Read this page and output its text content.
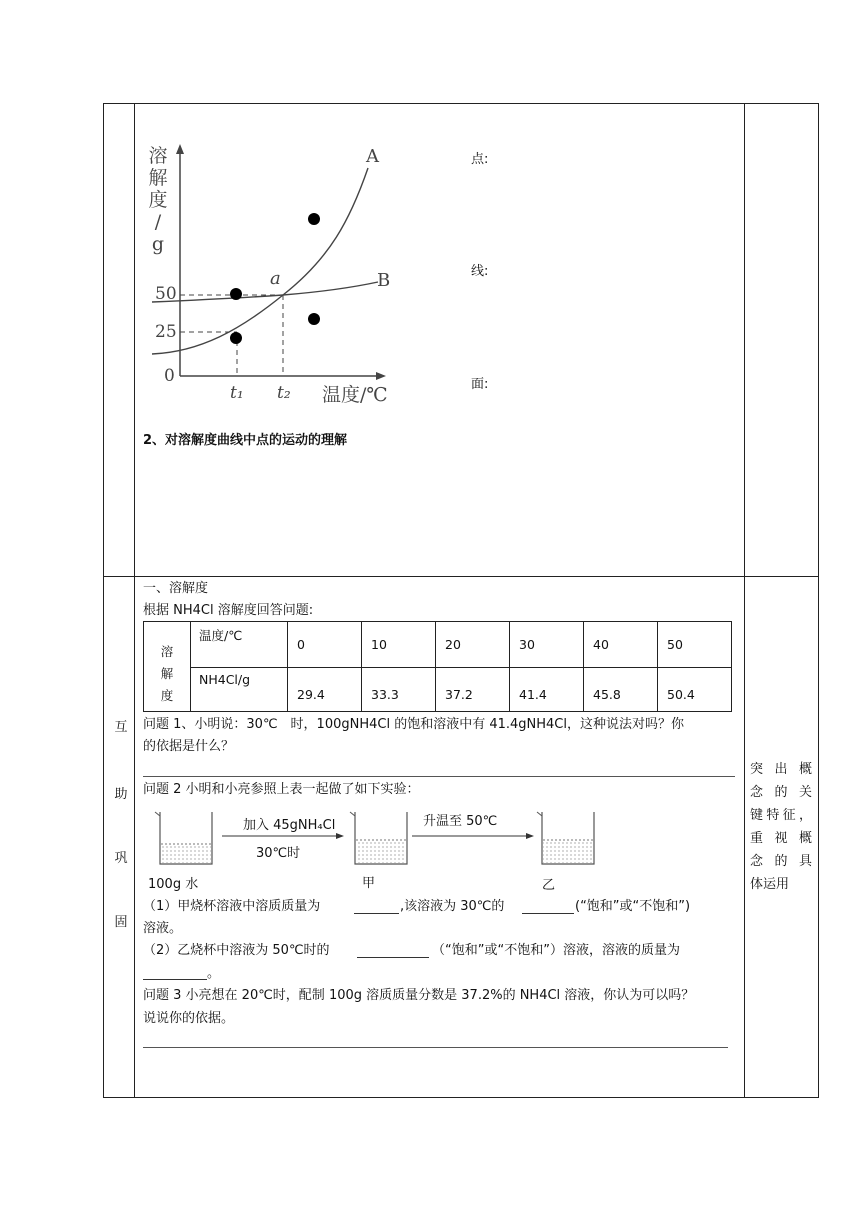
溶
解
度
/
g
50
25
0
t₁ t₂ 温度/℃
A
B
a
点:
线:
面:
2、对溶解度曲线中点的运动的理解
互
助
巩
固
一、溶解度
根据 NH4Cl 溶解度回答问题:
溶
解
度	温度/℃	0	10	20	30	40	50
	NH4Cl/g	29.4	33.3	37.2	41.4	45.8	50.4
问题 1、小明说：30℃　时，100gNH4Cl 的饱和溶液中有 41.4gNH4Cl，这种说法对吗？你
的依据是什么？
问题 2 小明和小亮参照上表一起做了如下实验：
加入 45gNH₄Cl
30℃时
升温至 50℃
100g 水	甲	乙
（1）甲烧杯溶液中溶质质量为	,该溶液为 30℃的	(“饱和”或“不饱和”)
溶液。
（2）乙烧杯中溶液为 50℃时的	（“饱和”或“不饱和”）溶液，溶液的质量为
。
问题 3 小亮想在 20℃时，配制 100g 溶质质量分数是 37.2%的 NH4Cl 溶液，你认为可以吗？
说说你的依据。
突 出 概
念 的 关
键特征，
重 视 概
念 的 具
体运用
